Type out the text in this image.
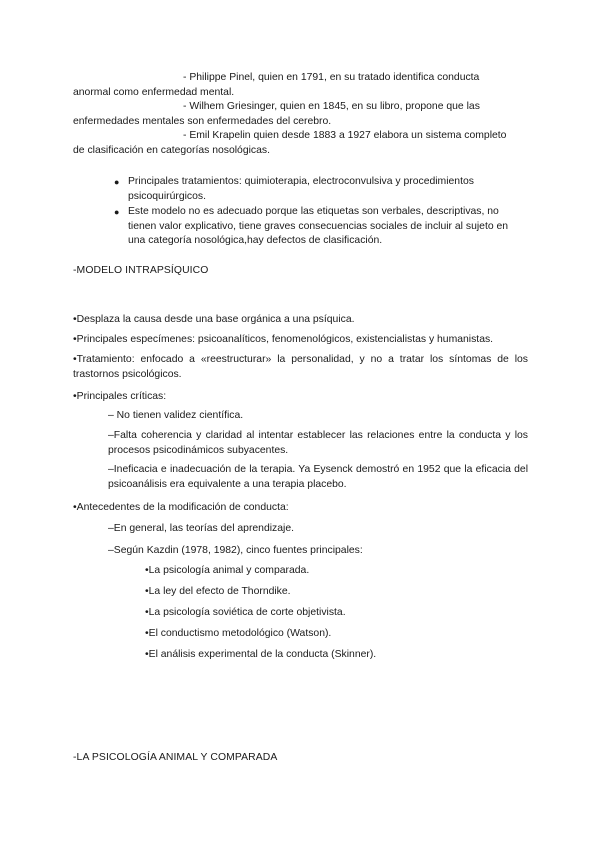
- Philippe Pinel, quien en 1791, en su tratado identifica conducta

anormal como enfermedad mental.

- Wilhem Griesinger, quien en 1845, en su libro, propone que las

enfermedades mentales son enfermedades del cerebro.

- Emil Krapelin quien desde 1883 a 1927 elabora un sistema completo

de clasificación en categorías nosológicas.

● Principales tratamientos: quimioterapia, electroconvulsiva y procedimientos psicoquirúrgicos.

● Este modelo no es adecuado porque las etiquetas son verbales, descriptivas, no tienen valor explicativo, tiene graves consecuencias sociales de incluir al sujeto en una categoría nosológica,hay defectos de clasificación.

-MODELO INTRAPSÍQUICO
•Desplaza la causa desde una base orgánica a una psíquica.
•Principales especímenes: psicoanalíticos, fenomenológicos, existencialistas y humanistas.
•Tratamiento: enfocado a «reestructurar» la personalidad, y no a tratar los síntomas de los trastornos psicológicos.
•Principales críticas:
– No tienen validez científica.
–Falta coherencia y claridad al intentar establecer las relaciones entre la conducta y los procesos psicodinámicos subyacentes.
–Ineficacia e inadecuación de la terapia. Ya Eysenck demostró en 1952 que la eficacia del psicoanálisis era equivalente a una terapia placebo.
•Antecedentes de la modificación de conducta:
–En general, las teorías del aprendizaje.
–Según Kazdin (1978, 1982), cinco fuentes principales:
•La psicología animal y comparada.
•La ley del efecto de Thorndike.
•La psicología soviética de corte objetivista.
•El conductismo metodológico (Watson).
•El análisis experimental de la conducta (Skinner).
-LA PSICOLOGÍA ANIMAL Y COMPARADA
